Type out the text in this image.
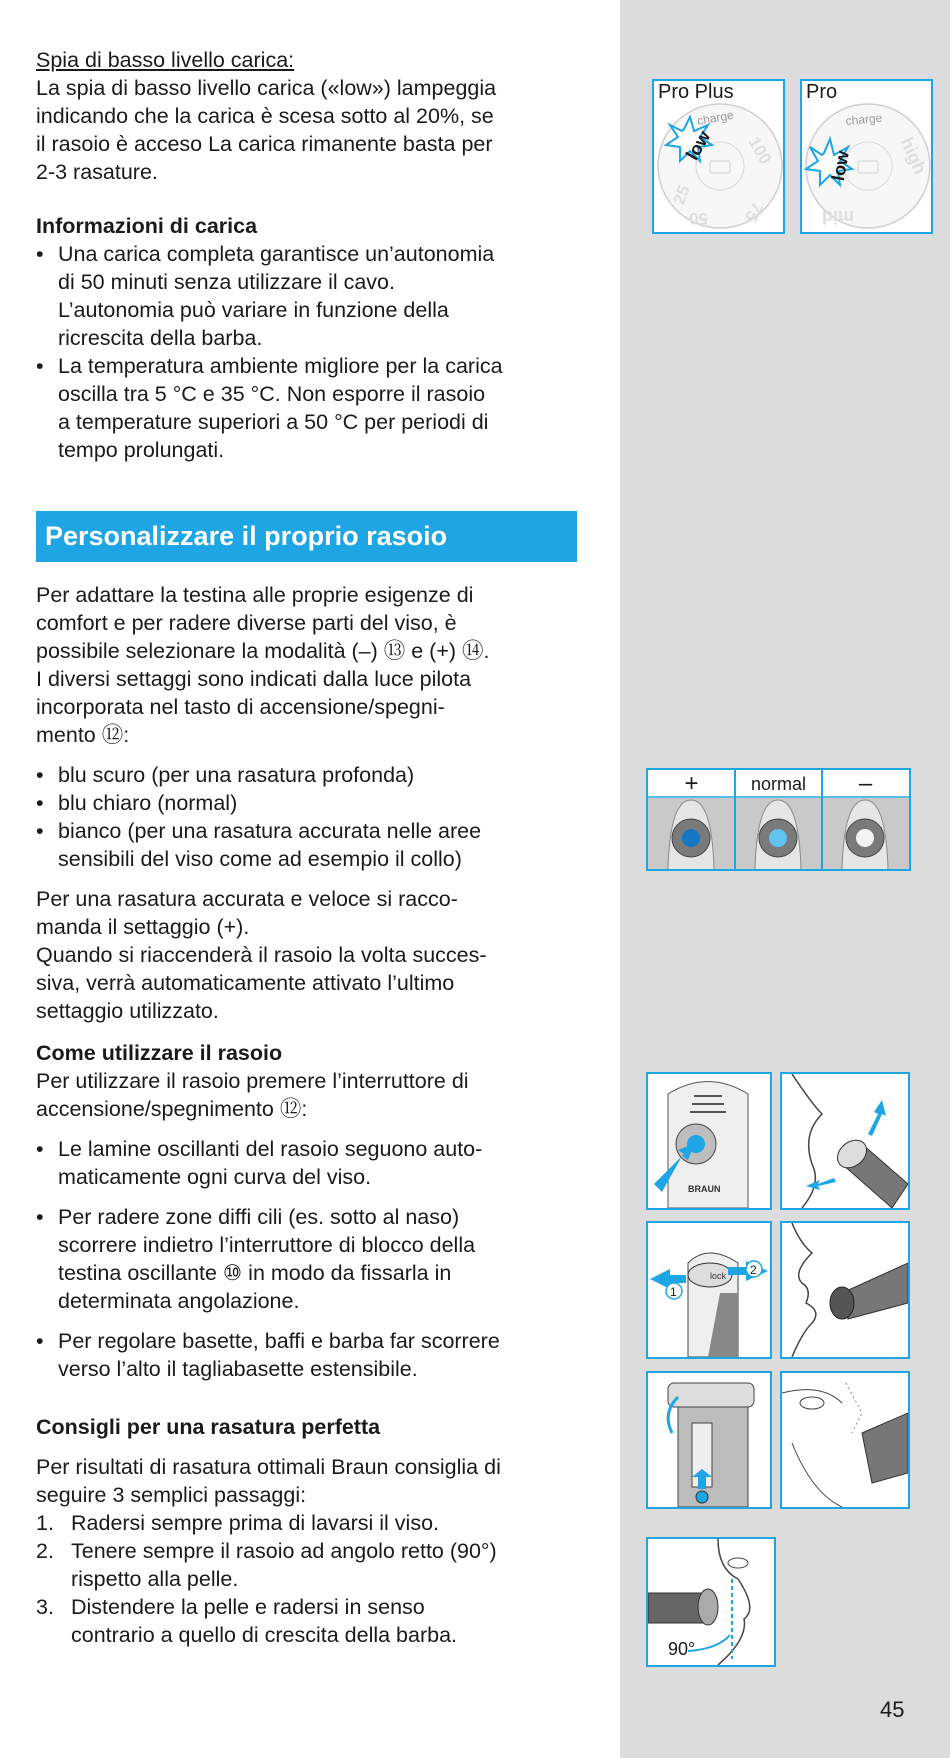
Spia di basso livello carica:
La spia di basso livello carica («low») lampeggia
indicando che la carica è scesa sotto al 20%, se
il rasoio è acceso La carica rimanente basta per
2-3 rasature.
Informazioni di carica
• Una carica completa garantisce un’autonomia
di 50 minuti senza utilizzare il cavo.
L’autonomia può variare in funzione della
ricrescita della barba.
• La temperatura ambiente migliore per la carica
oscilla tra 5 °C e 35 °C. Non esporre il rasoio
a temperature superiori a 50 °C per periodi di
tempo prolungati.
Personalizzare il proprio rasoio
Per adattare la testina alle proprie esigenze di
comfort e per radere diverse parti del viso, è
possibile selezionare la modalità (–) ⑬ e (+) ⑭.
I diversi settaggi sono indicati dalla luce pilota
incorporata nel tasto di accensione/spegni-
mento ⑫:
• blu scuro (per una rasatura profonda)
• blu chiaro (normal)
• bianco (per una rasatura accurata nelle aree
sensibili del viso come ad esempio il collo)
Per una rasatura accurata e veloce si racco-
manda il settaggio (+).
Quando si riaccenderà il rasoio la volta succes-
siva, verrà automaticamente attivato l’ultimo
settaggio utilizzato.
Come utilizzare il rasoio
Per utilizzare il rasoio premere l’interruttore di
accensione/spegnimento ⑫:
• Le lamine oscillanti del rasoio seguono auto-
maticamente ogni curva del viso.
• Per radere zone diffi cili (es. sotto al naso)
scorrere indietro l’interruttore di blocco della
testina oscillante ⑩ in modo da fissarla in
determinata angolazione.
• Per regolare basette, baffi e barba far scorrere
verso l’alto il tagliabasette estensibile.
Consigli per una rasatura perfetta
Per risultati di rasatura ottimali Braun consiglia di
seguire 3 semplici passaggi:
1. Radersi sempre prima di lavarsi il viso.
2. Tenere sempre il rasoio ad angolo retto (90°)
rispetto alla pelle.
3. Distendere la pelle e radersi in senso
contrario a quello di crescita della barba.
charge
100
75
50
25
low
Pro Plus
charge
high
mid
low
Pro
+	normal	–
BRAUN
1
2
lock
90°
45
